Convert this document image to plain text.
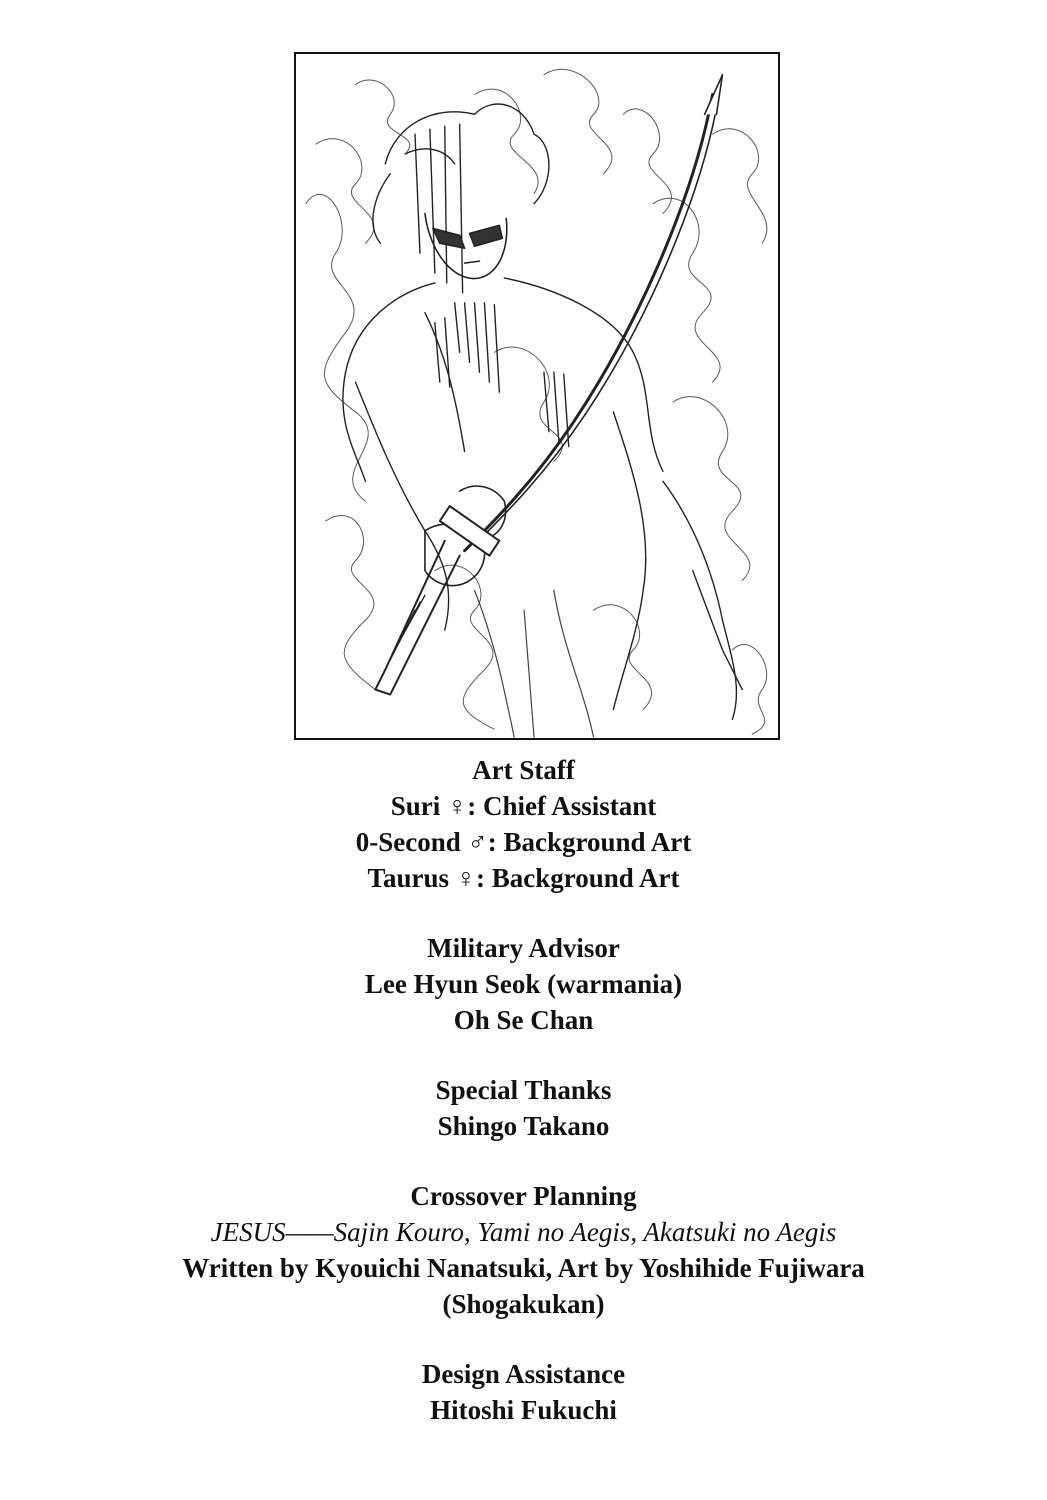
Art Staff
Suri ♀: Chief Assistant
0-Second ♂: Background Art
Taurus ♀: Background Art
Military Advisor
Lee Hyun Seok (warmania)
Oh Se Chan
Special Thanks
Shingo Takano
Crossover Planning
JESUS——Sajin Kouro, Yami no Aegis, Akatsuki no Aegis
Written by Kyouichi Nanatsuki, Art by Yoshihide Fujiwara
(Shogakukan)
Design Assistance
Hitoshi Fukuchi
